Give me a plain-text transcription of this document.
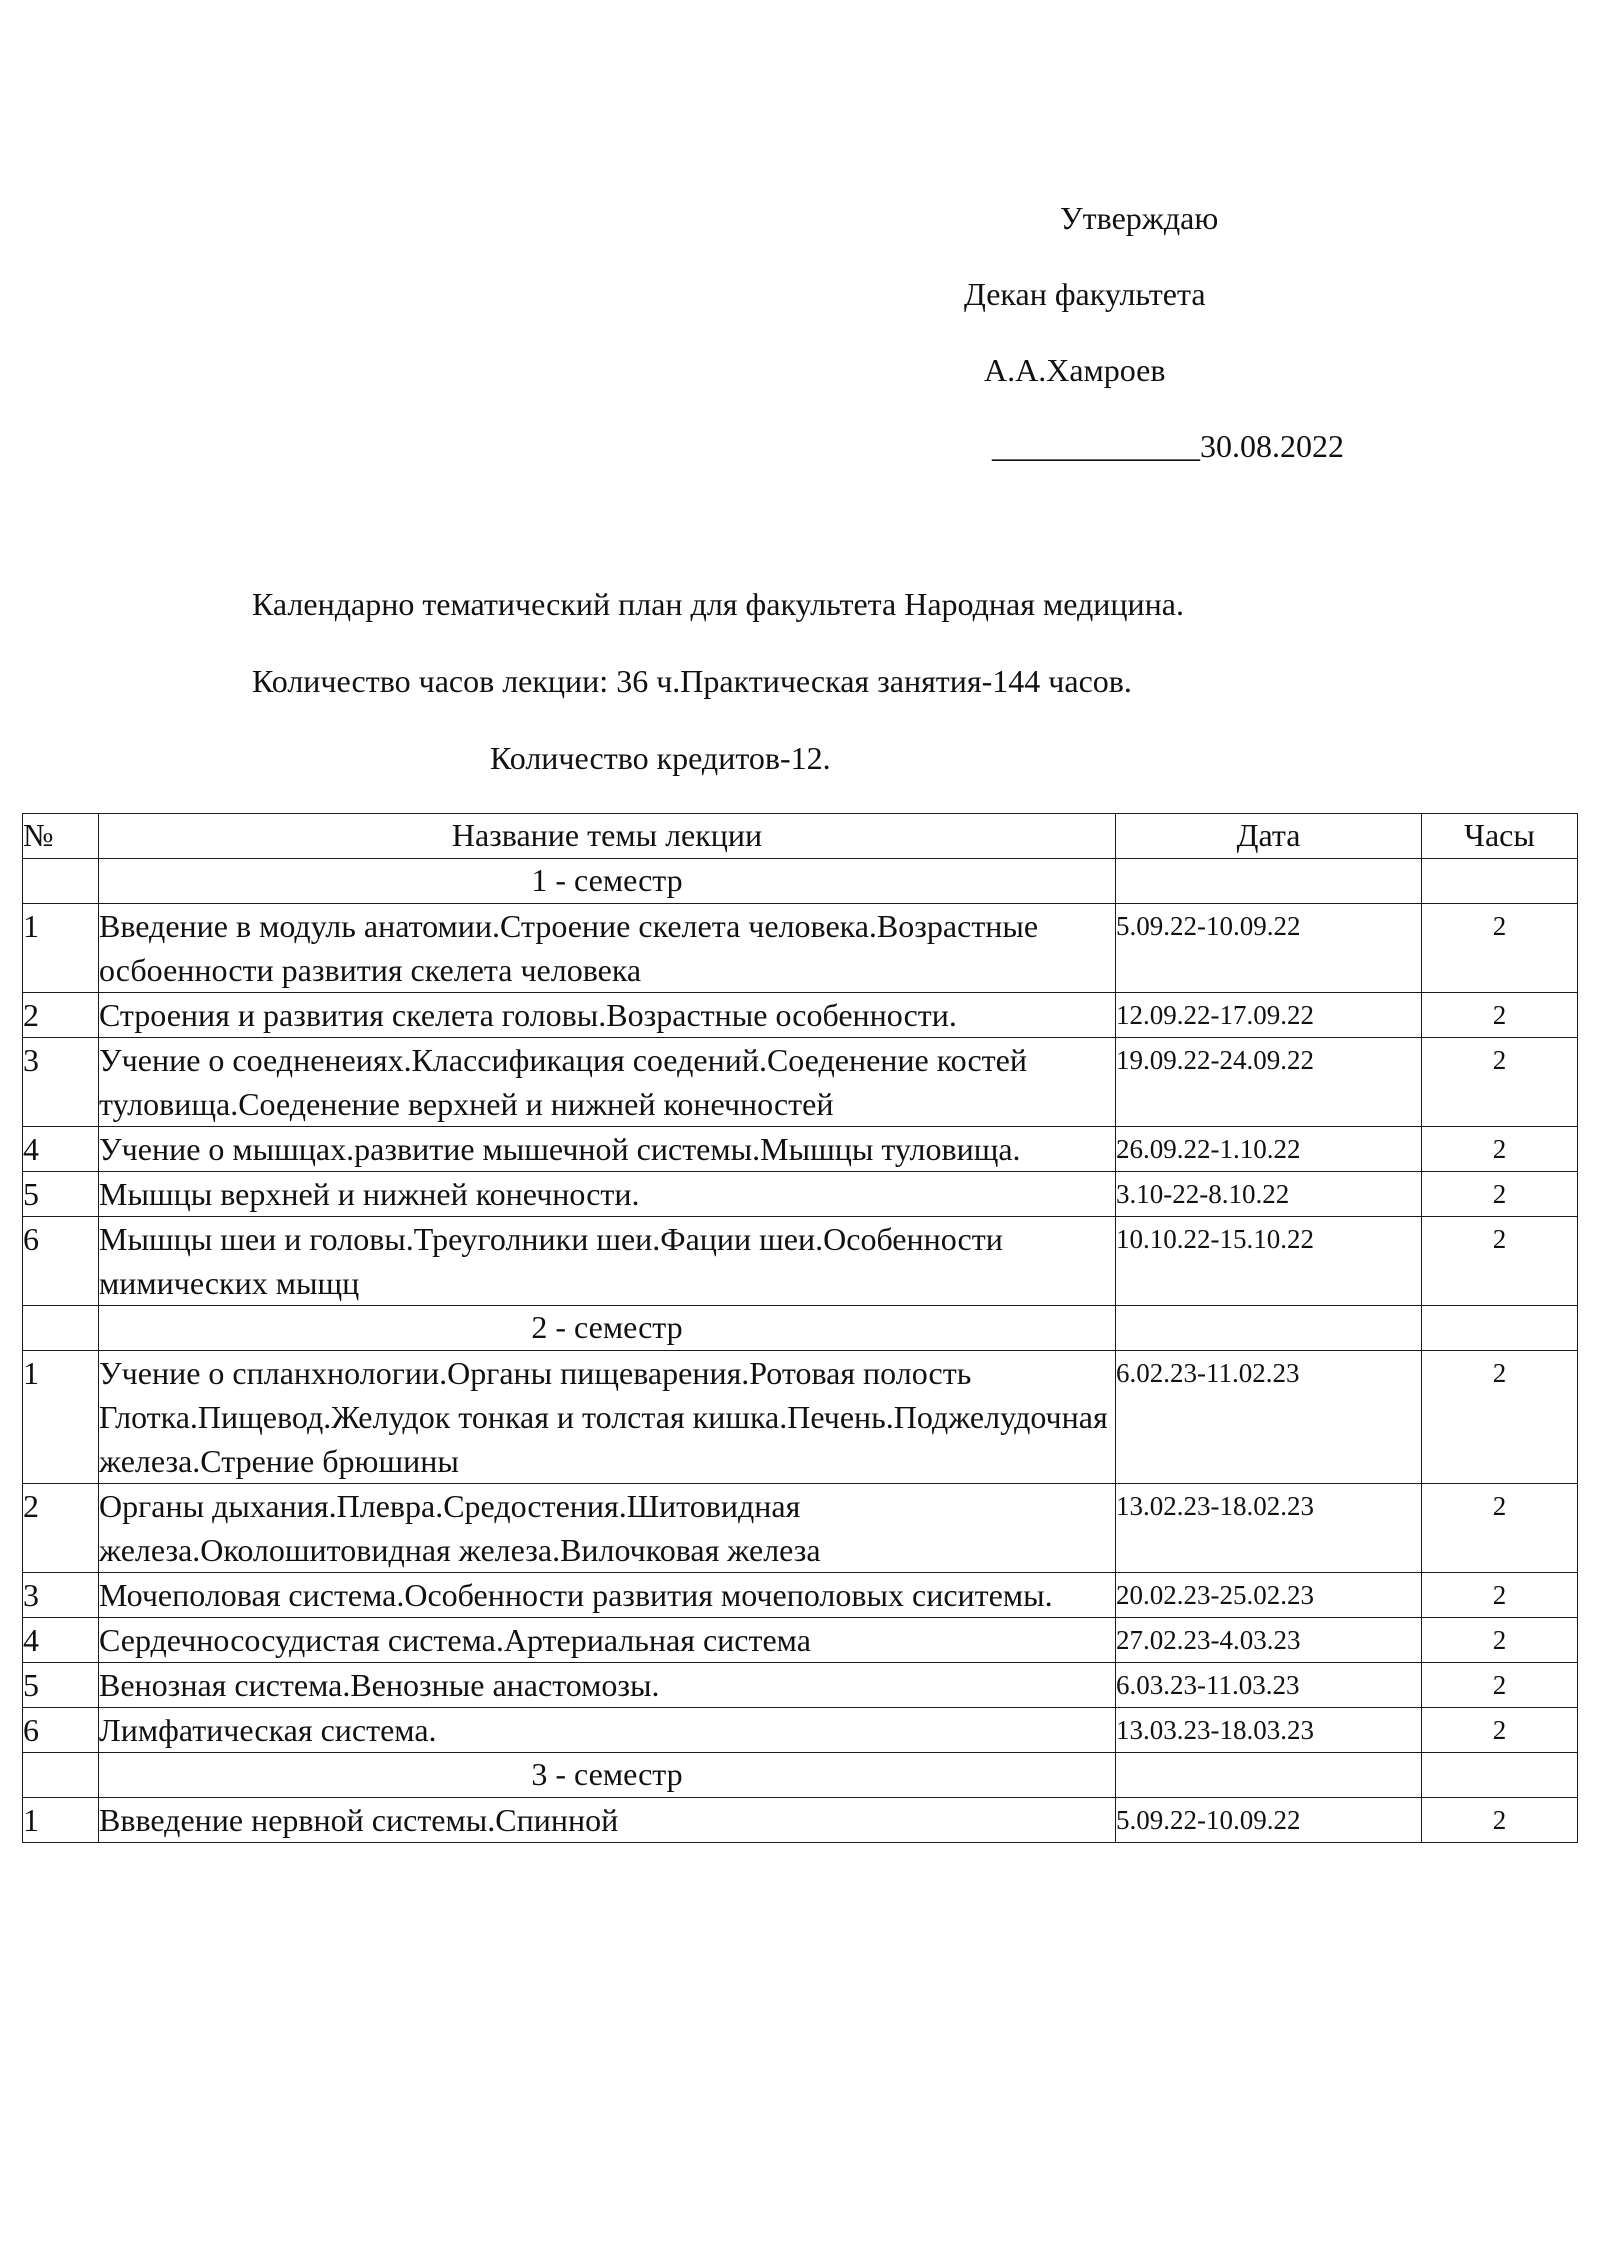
Утверждаю
Декан факультета
А.А.Хамроев
_____________30.08.2022
Календарно тематический план для факультета Народная медицина.
Количество часов лекции: 36 ч.Практическая занятия-144 часов.
Количество кредитов-12.
№	Название темы лекции	Дата	Часы
	1 - семестр		
1	Введение в модуль анатомии.Строение скелета человека.Возрастные осбоенности развития скелета человека	5.09.22-10.09.22	2
2	Строения и развития скелета головы.Возрастные особенности.	12.09.22-17.09.22	2
3	Учение о соедненеиях.Классификация соедений.Соеденение костей туловища.Соеденение верхней и нижней конечностей	19.09.22-24.09.22	2
4	Учение о мышцах.развитие мышечной системы.Мышцы туловища.	26.09.22-1.10.22	2
5	Мышцы верхней и нижней конечности.	3.10-22-8.10.22	2
6	Мышцы шеи и головы.Треуголники шеи.Фации шеи.Особенности мимических мыщц	10.10.22-15.10.22	2
	2 - семестр		
1	Учение о спланхнологии.Органы пищеварения.Ротовая полость Глотка.Пищевод.Желудок тонкая и толстая кишка.Печень.Поджелудочная железа.Стрение брюшины	6.02.23-11.02.23	2
2	Органы дыхания.Плевра.Средостения.Шитовидная железа.Околошитовидная железа.Вилочковая железа	13.02.23-18.02.23	2
3	Мочеполовая система.Особенности развития мочеполовых сиситемы.	20.02.23-25.02.23	2
4	Сердечнососудистая система.Артериальная система	27.02.23-4.03.23	2
5	Венозная система.Венозные анастомозы.	6.03.23-11.03.23	2
6	Лимфатическая система.	13.03.23-18.03.23	2
	3 - семестр		
1	Ввведение нервной системы.Спинной	5.09.22-10.09.22	2
